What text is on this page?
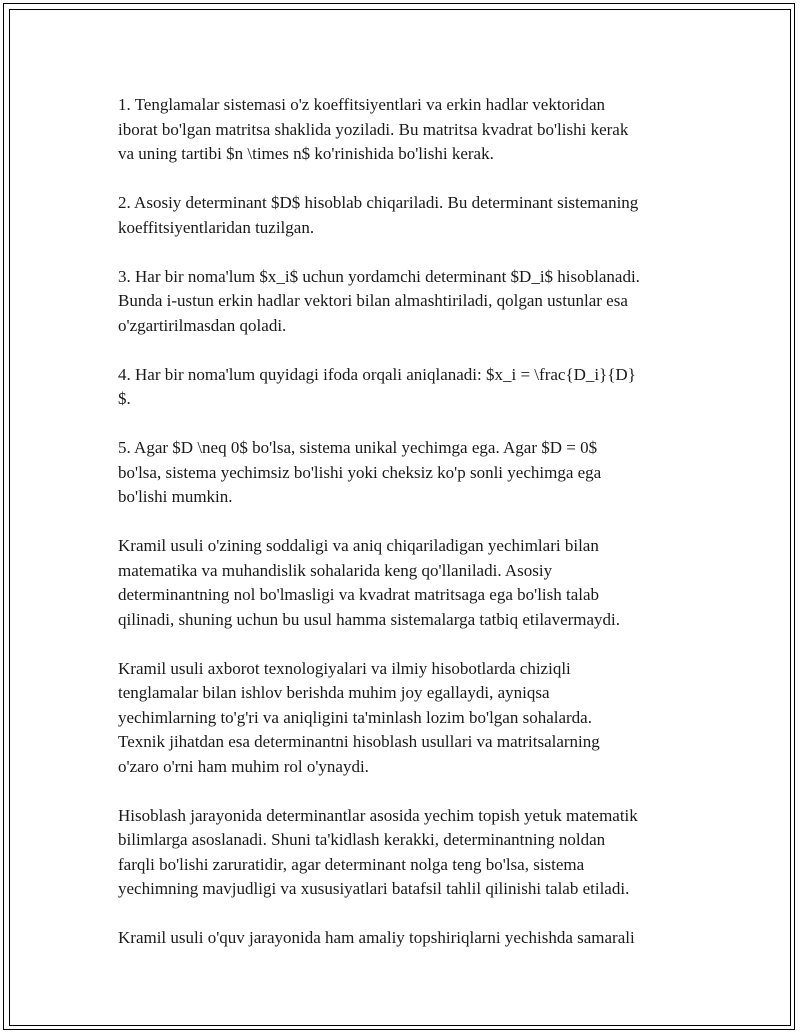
1. Tenglamalar sistemasi o'z koeffitsiyentlari va erkin hadlar vektoridan
iborat bo'lgan matritsa shaklida yoziladi. Bu matritsa kvadrat bo'lishi kerak
va uning tartibi $n \times n$ ko'rinishida bo'lishi kerak.

2. Asosiy determinant $D$ hisoblab chiqariladi. Bu determinant sistemaning
koeffitsiyentlaridan tuzilgan.

3. Har bir noma'lum $x_i$ uchun yordamchi determinant $D_i$ hisoblanadi.
Bunda i-ustun erkin hadlar vektori bilan almashtiriladi, qolgan ustunlar esa
o'zgartirilmasdan qoladi.

4. Har bir noma'lum quyidagi ifoda orqali aniqlanadi: $x_i = \frac{D_i}{D}
$.

5. Agar $D \neq 0$ bo'lsa, sistema unikal yechimga ega. Agar $D = 0$
bo'lsa, sistema yechimsiz bo'lishi yoki cheksiz ko'p sonli yechimga ega
bo'lishi mumkin.

Kramil usuli o'zining soddaligi va aniq chiqariladigan yechimlari bilan
matematika va muhandislik sohalarida keng qo'llaniladi. Asosiy
determinantning nol bo'lmasligi va kvadrat matritsaga ega bo'lish talab
qilinadi, shuning uchun bu usul hamma sistemalarga tatbiq etilavermaydi.

Kramil usuli axborot texnologiyalari va ilmiy hisobotlarda chiziqli
tenglamalar bilan ishlov berishda muhim joy egallaydi, ayniqsa
yechimlarning to'g'ri va aniqligini ta'minlash lozim bo'lgan sohalarda.
Texnik jihatdan esa determinantni hisoblash usullari va matritsalarning
o'zaro o'rni ham muhim rol o'ynaydi.

Hisoblash jarayonida determinantlar asosida yechim topish yetuk matematik
bilimlarga asoslanadi. Shuni ta'kidlash kerakki, determinantning noldan
farqli bo'lishi zaruratidir, agar determinant nolga teng bo'lsa, sistema
yechimning mavjudligi va xususiyatlari batafsil tahlil qilinishi talab etiladi.

Kramil usuli o'quv jarayonida ham amaliy topshiriqlarni yechishda samarali
